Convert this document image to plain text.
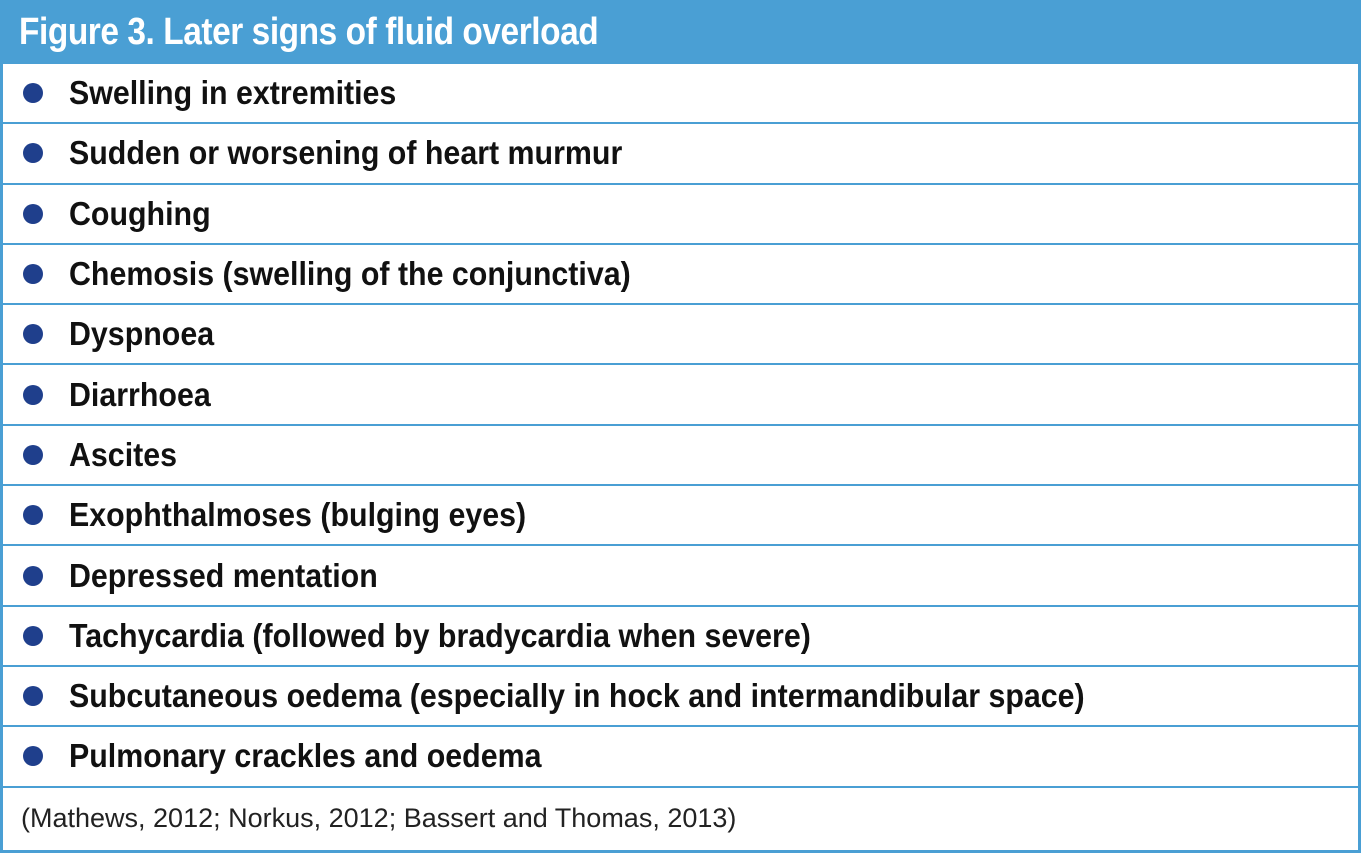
Figure 3. Later signs of fluid overload
Swelling in extremities
Sudden or worsening of heart murmur
Coughing
Chemosis (swelling of the conjunctiva)
Dyspnoea
Diarrhoea
Ascites
Exophthalmoses (bulging eyes)
Depressed mentation
Tachycardia (followed by bradycardia when severe)
Subcutaneous oedema (especially in hock and intermandibular space)
Pulmonary crackles and oedema
(Mathews, 2012; Norkus, 2012; Bassert and Thomas, 2013)
